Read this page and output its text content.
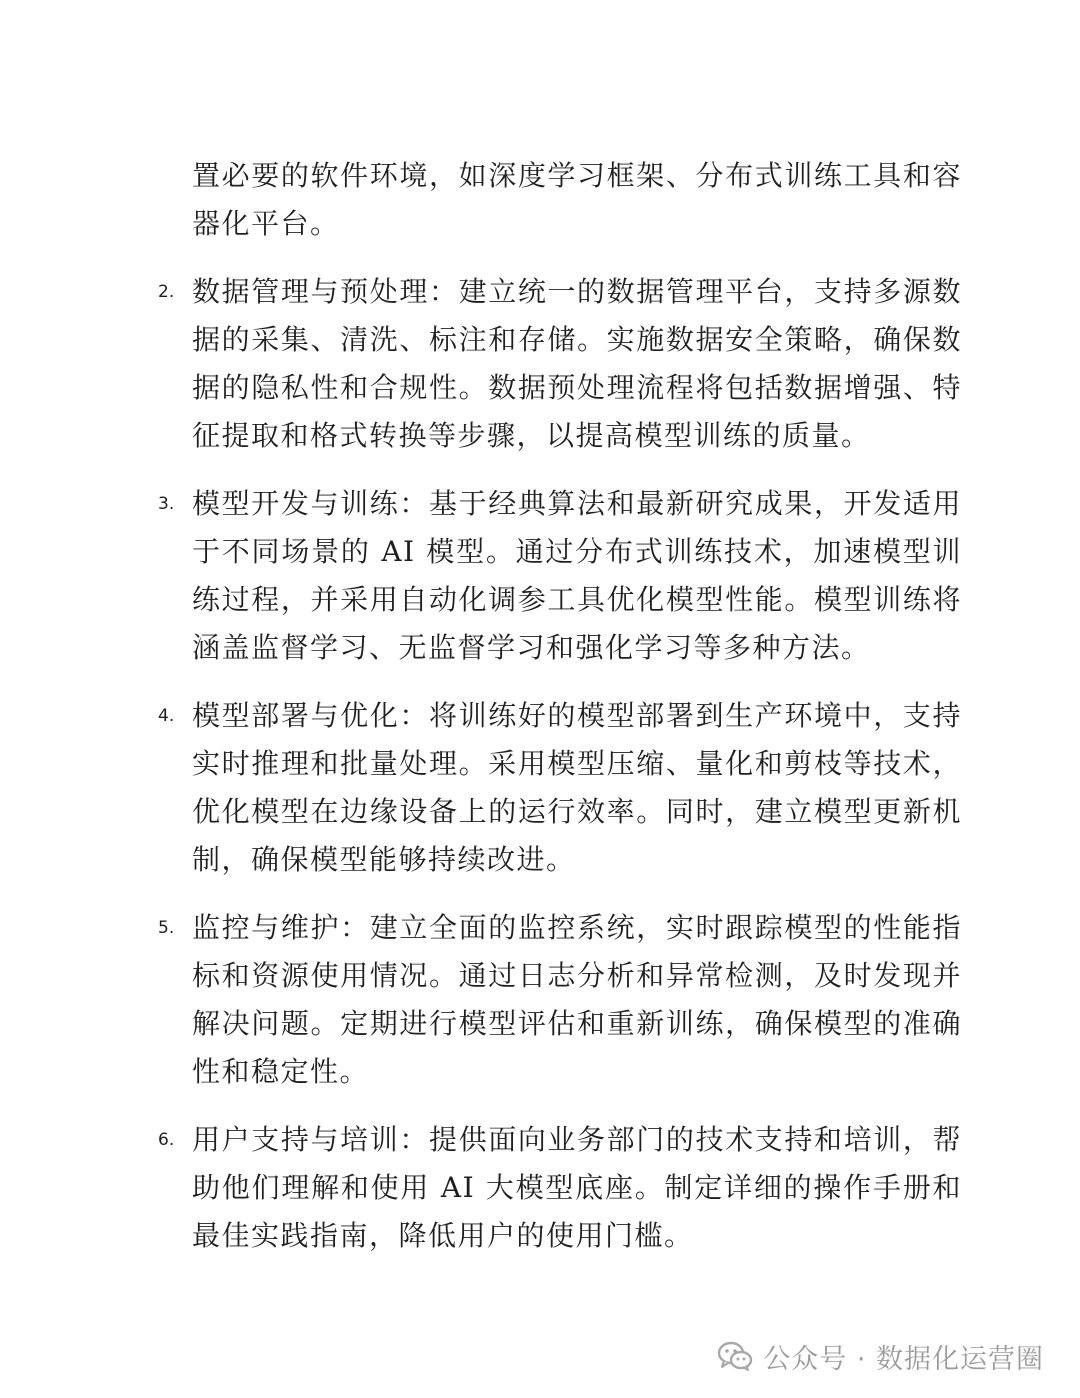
置必要的软件环境，如深度学习框架、分布式训练工具和容器化平台。

2. 数据管理与预处理：建立统一的数据管理平台，支持多源数据的采集、清洗、标注和存储。实施数据安全策略，确保数据的隐私性和合规性。数据预处理流程将包括数据增强、特征提取和格式转换等步骤，以提高模型训练的质量。

3. 模型开发与训练：基于经典算法和最新研究成果，开发适用于不同场景的 AI 模型。通过分布式训练技术，加速模型训练过程，并采用自动化调参工具优化模型性能。模型训练将涵盖监督学习、无监督学习和强化学习等多种方法。

4. 模型部署与优化：将训练好的模型部署到生产环境中，支持实时推理和批量处理。采用模型压缩、量化和剪枝等技术，优化模型在边缘设备上的运行效率。同时，建立模型更新机制，确保模型能够持续改进。

5. 监控与维护：建立全面的监控系统，实时跟踪模型的性能指标和资源使用情况。通过日志分析和异常检测，及时发现并解决问题。定期进行模型评估和重新训练，确保模型的准确性和稳定性。

6. 用户支持与培训：提供面向业务部门的技术支持和培训，帮助他们理解和使用 AI 大模型底座。制定详细的操作手册和最佳实践指南，降低用户的使用门槛。

公众号 · 数据化运营圈
